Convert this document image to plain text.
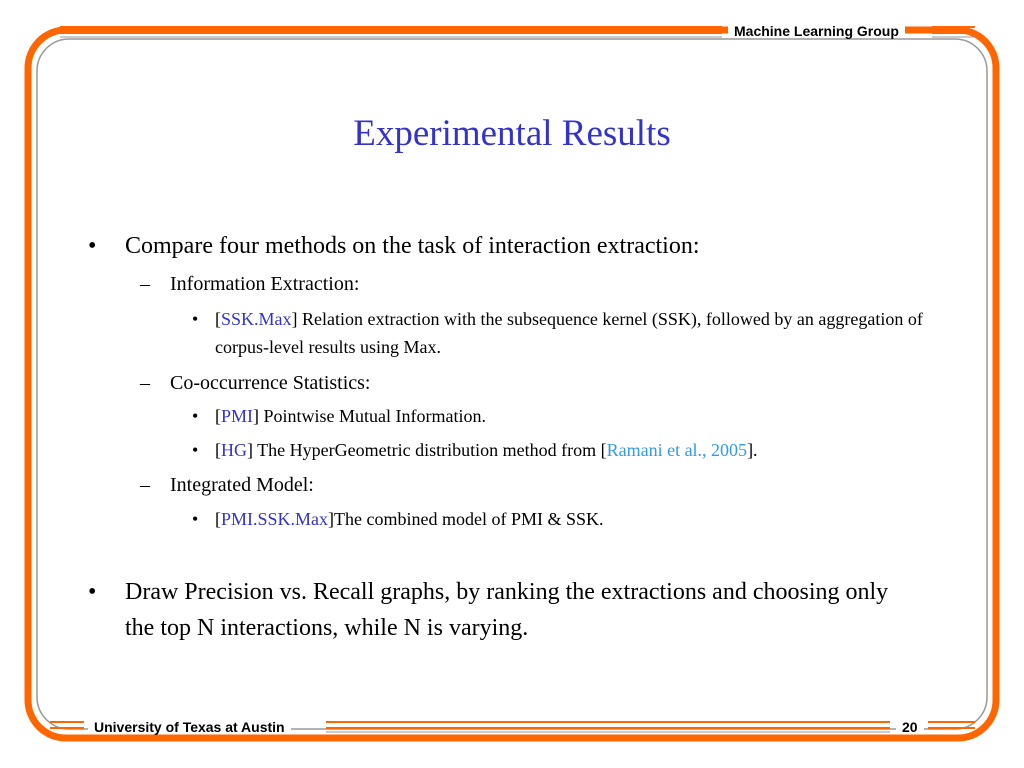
Machine Learning Group
University of Texas at Austin	20
Experimental Results
• Compare four methods on the task of interaction extraction:
– Information Extraction:
• [SSK.Max] Relation extraction with the subsequence kernel (SSK), followed by an aggregation of corpus-level results using Max.
– Co-occurrence Statistics:
• [PMI] Pointwise Mutual Information.
• [HG] The HyperGeometric distribution method from [Ramani et al., 2005].
– Integrated Model:
• [PMI.SSK.Max]The combined model of PMI & SSK.
• Draw Precision vs. Recall graphs, by ranking the extractions and choosing only the top N interactions, while N is varying.
